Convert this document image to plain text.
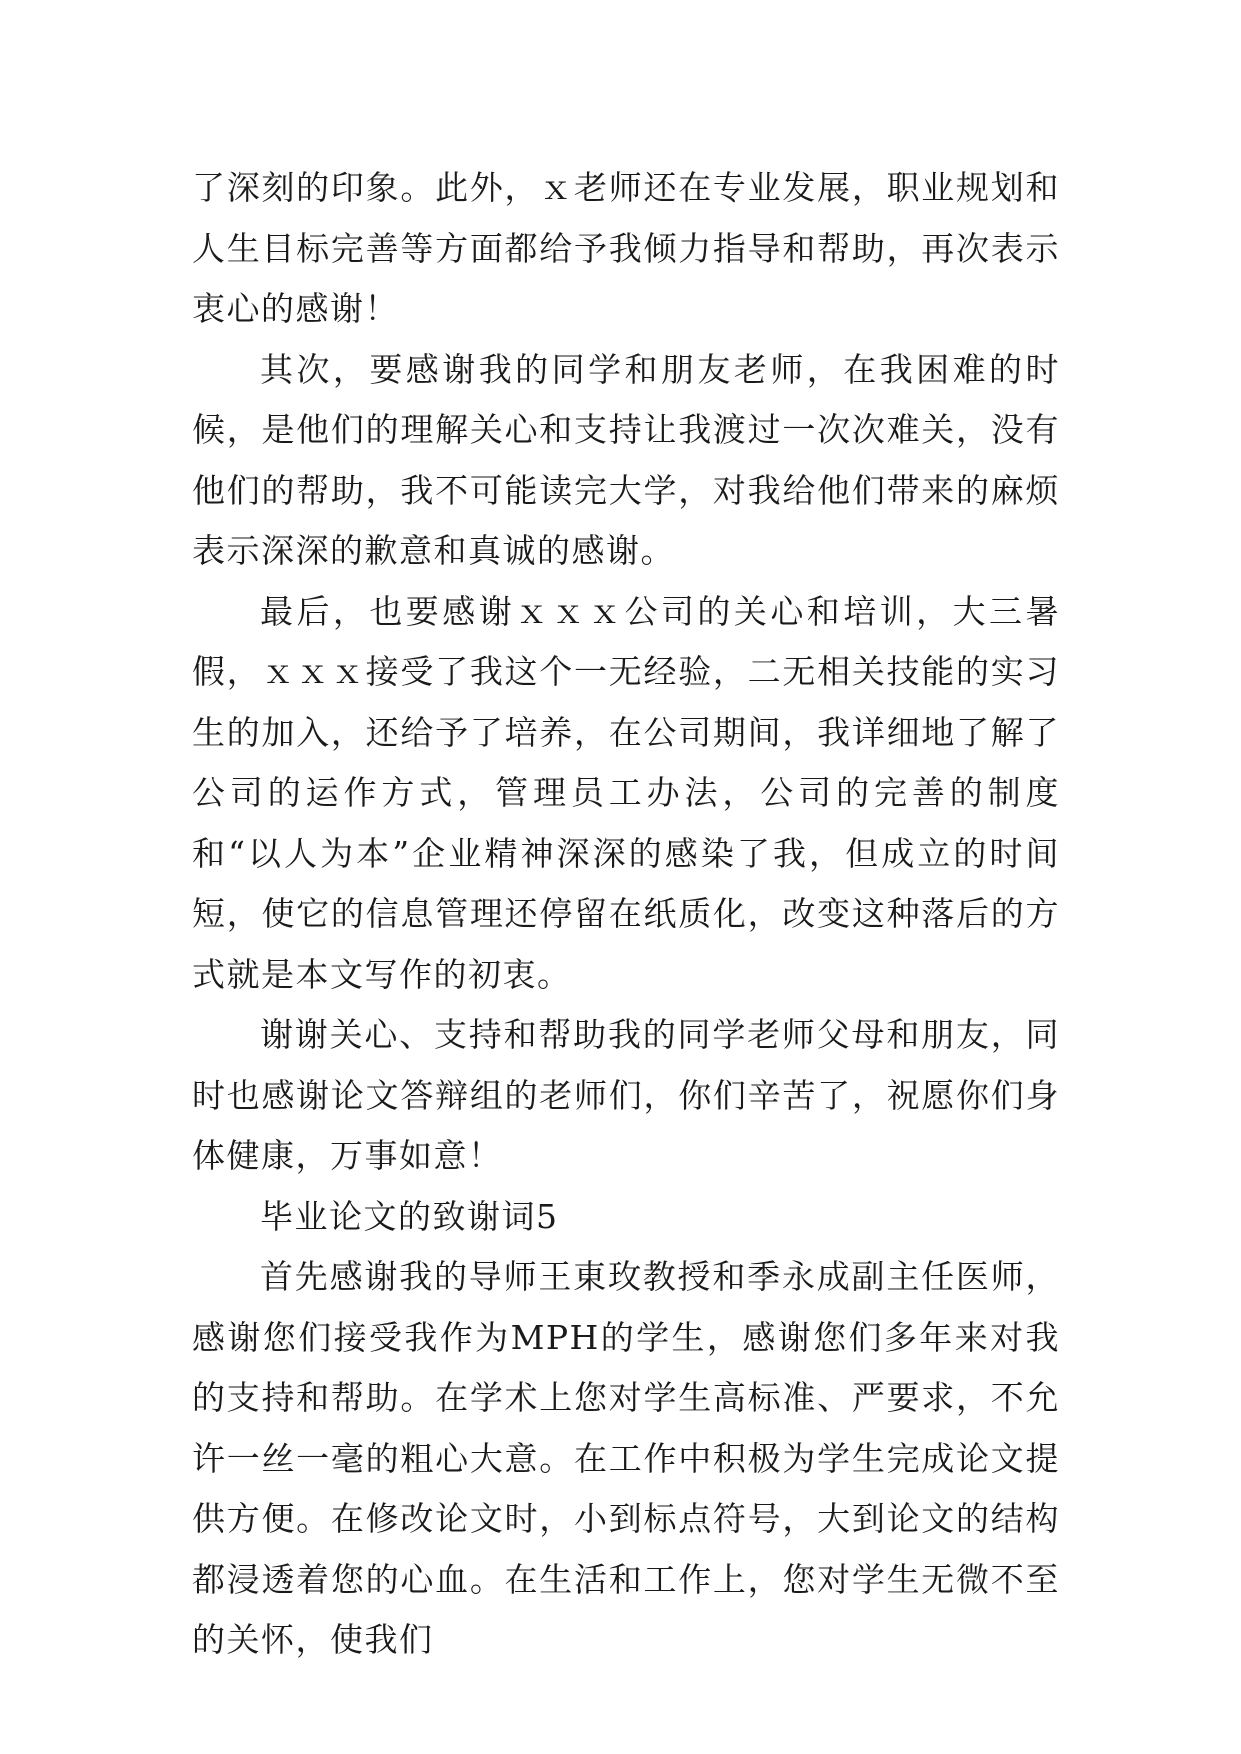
了深刻的印象。此外，ｘ老师还在专业发展，职业规划和人生目标完善等方面都给予我倾力指导和帮助，再次表示衷心的感谢！

其次，要感谢我的同学和朋友老师，在我困难的时候，是他们的理解关心和支持让我渡过一次次难关，没有他们的帮助，我不可能读完大学，对我给他们带来的麻烦表示深深的歉意和真诚的感谢。

最后，也要感谢ｘｘｘ公司的关心和培训，大三暑假，ｘｘｘ接受了我这个一无经验，二无相关技能的实习生的加入，还给予了培养，在公司期间，我详细地了解了公司的运作方式，管理员工办法，公司的完善的制度和“以人为本”企业精神深深的感染了我，但成立的时间短，使它的信息管理还停留在纸质化，改变这种落后的方式就是本文写作的初衷。

谢谢关心、支持和帮助我的同学老师父母和朋友，同时也感谢论文答辩组的老师们，你们辛苦了，祝愿你们身体健康，万事如意！

毕业论文的致谢词5

首先感谢我的导师王東玫教授和季永成副主任医师，感谢您们接受我作为MPH的学生，感谢您们多年来对我的支持和帮助。在学术上您对学生高标准、严要求，不允许一丝一毫的粗心大意。在工作中积极为学生完成论文提供方便。在修改论文时，小到标点符号，大到论文的结构都浸透着您的心血。在生活和工作上，您对学生无微不至的关怀，使我们
